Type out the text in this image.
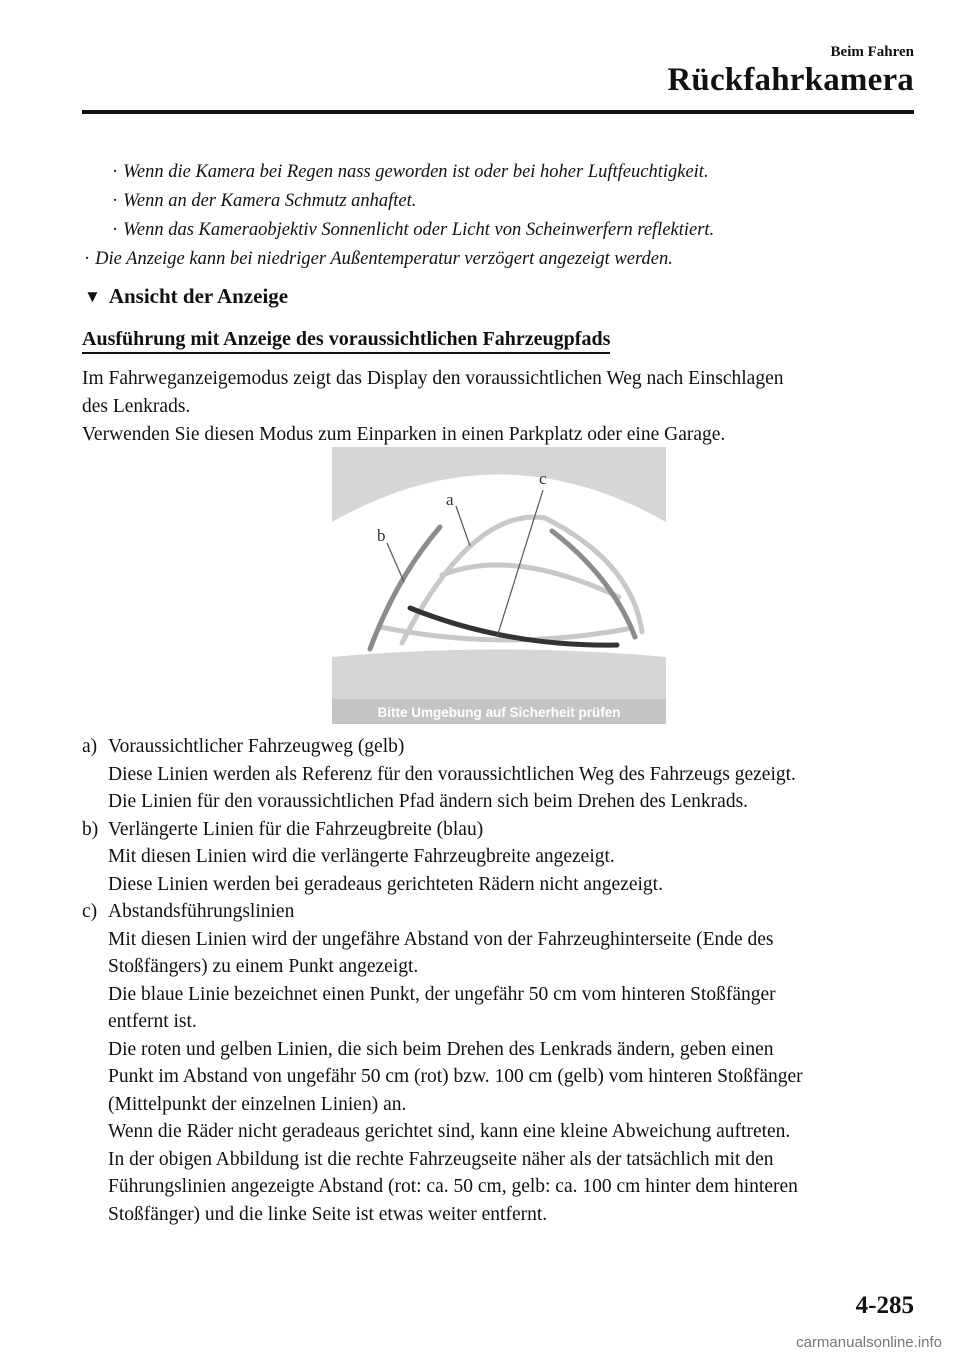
Beim Fahren
Rückfahrkamera
· Wenn die Kamera bei Regen nass geworden ist oder bei hoher Luftfeuchtigkeit.
· Wenn an der Kamera Schmutz anhaftet.
· Wenn das Kameraobjektiv Sonnenlicht oder Licht von Scheinwerfern reflektiert.
· Die Anzeige kann bei niedriger Außentemperatur verzögert angezeigt werden.
▼ Ansicht der Anzeige
Ausführung mit Anzeige des voraussichtlichen Fahrzeugpfads

Im Fahrweganzeigemodus zeigt das Display den voraussichtlichen Weg nach Einschlagen

des Lenkrads.

Verwenden Sie diesen Modus zum Einparken in einen Parkplatz oder eine Garage.

a
b
c
Bitte Umgebung auf Sicherheit prüfen
a) Voraussichtlicher Fahrzeugweg (gelb)
Diese Linien werden als Referenz für den voraussichtlichen Weg des Fahrzeugs gezeigt.
Die Linien für den voraussichtlichen Pfad ändern sich beim Drehen des Lenkrads.
b) Verlängerte Linien für die Fahrzeugbreite (blau)
Mit diesen Linien wird die verlängerte Fahrzeugbreite angezeigt.
Diese Linien werden bei geradeaus gerichteten Rädern nicht angezeigt.
c) Abstandsführungslinien
Mit diesen Linien wird der ungefähre Abstand von der Fahrzeughinterseite (Ende des
Stoßfängers) zu einem Punkt angezeigt.
Die blaue Linie bezeichnet einen Punkt, der ungefähr 50 cm vom hinteren Stoßfänger
entfernt ist.
Die roten und gelben Linien, die sich beim Drehen des Lenkrads ändern, geben einen
Punkt im Abstand von ungefähr 50 cm (rot) bzw. 100 cm (gelb) vom hinteren Stoßfänger
(Mittelpunkt der einzelnen Linien) an.
Wenn die Räder nicht geradeaus gerichtet sind, kann eine kleine Abweichung auftreten.
In der obigen Abbildung ist die rechte Fahrzeugseite näher als der tatsächlich mit den
Führungslinien angezeigte Abstand (rot: ca. 50 cm, gelb: ca. 100 cm hinter dem hinteren
Stoßfänger) und die linke Seite ist etwas weiter entfernt.
4-285
carmanualsonline.info
